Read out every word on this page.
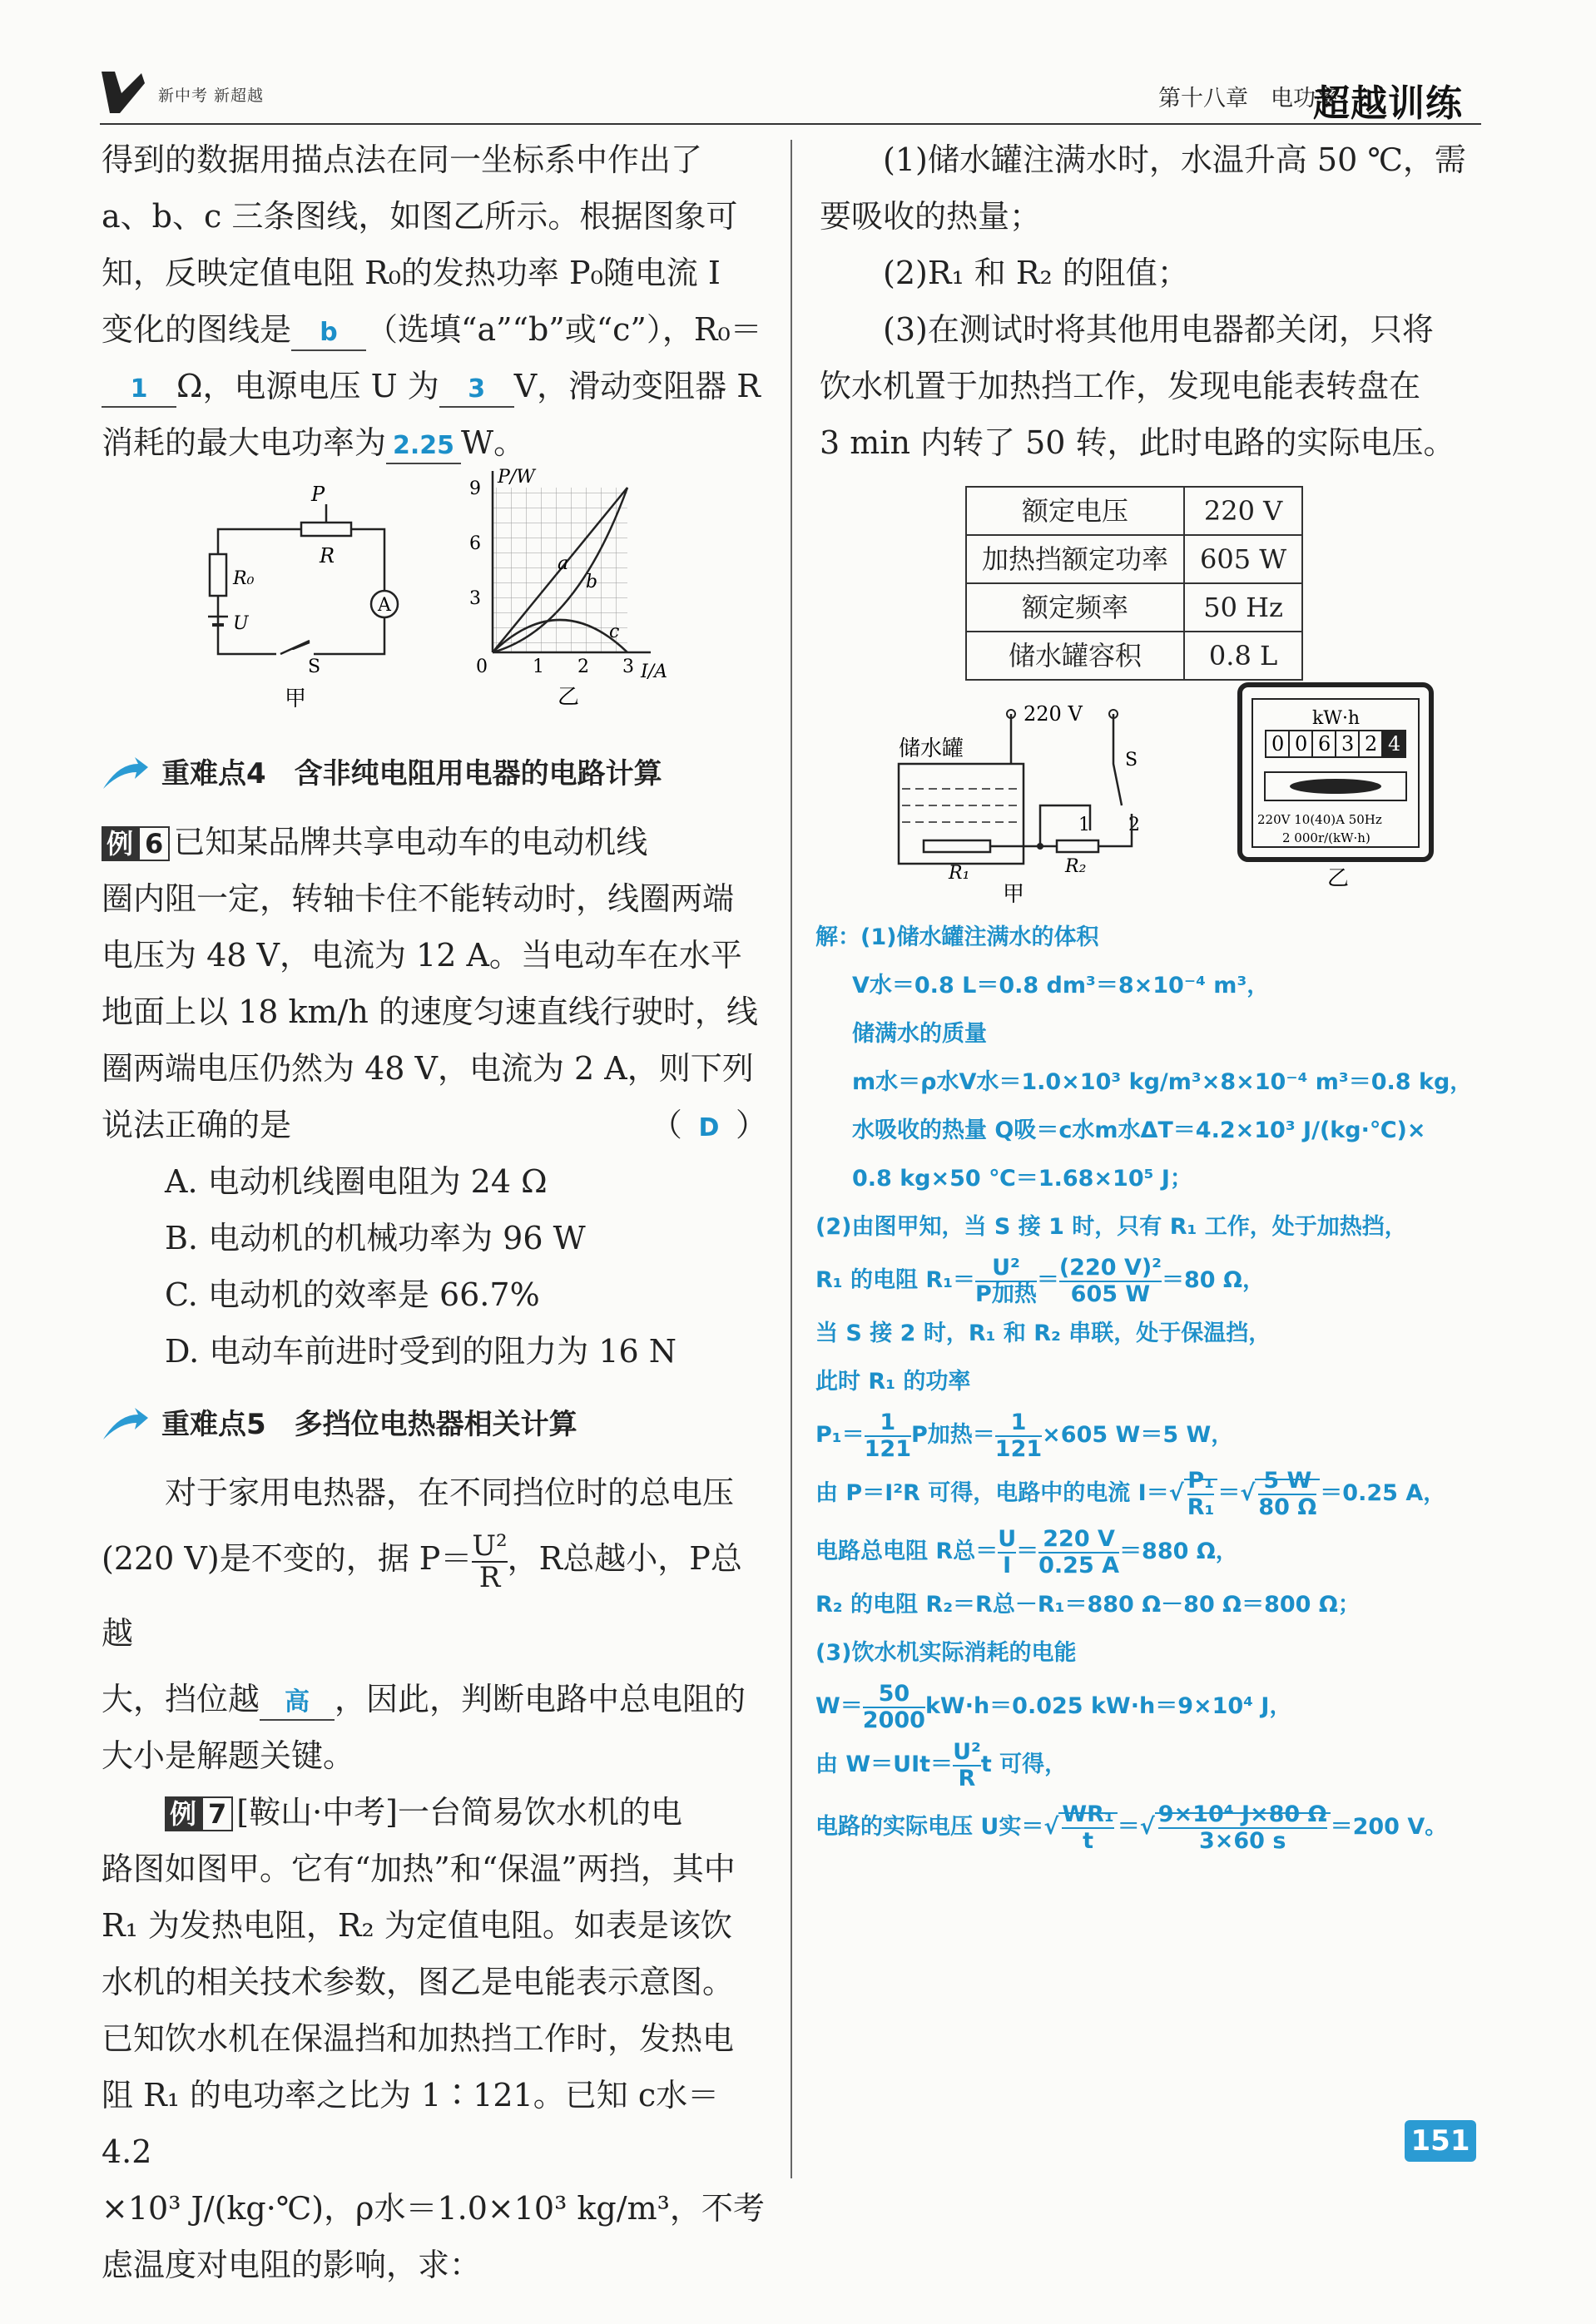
新中考 新超越	第十八章　电功率
超越训练

得到的数据用描点法在同一坐标系中作出了

a、b、c 三条图线，如图乙所示。根据图象可

知，反映定值电阻 R₀的发热功率 P₀随电流 I

变化的图线是 b （选填“a”“b”或“c”），R₀＝

1 Ω，电源电压 U 为 3 V，滑动变阻器 R

消耗的最大电功率为 2.25 W。

P
R
R₀
U
A
S
甲
P/W
I/A
9
6
3
0 1 2 3
a
b
c
乙
重难点4　含非纯电阻用电器的电路计算

例 6 已知某品牌共享电动车的电动机线

圈内阻一定，转轴卡住不能转动时，线圈两端

电压为 48 V，电流为 12 A。当电动车在水平

地面上以 18 km/h 的速度匀速直线行驶时，线

圈两端电压仍然为 48 V，电流为 2 A，则下列

说法正确的是	（ D ）

A. 电动机线圈电阻为 24 Ω

B. 电动机的机械功率为 96 W

C. 电动机的效率是 66.7%

D. 电动车前进时受到的阻力为 16 N

重难点5　多挡位电热器相关计算

对于家用电热器，在不同挡位时的总电压

(220 V)是不变的，据 $P= \frac{\text{U²}}{R}$ ，R总越小，P总越

大，挡位越 高 ，因此，判断电路中总电阻的

大小是解题关键。

例 7 [鞍山·中考]一台简易饮水机的电

路图如图甲。它有“加热”和“保温”两挡，其中

R₁ 为发热电阻，R₂ 为定值电阻。如表是该饮

水机的相关技术参数，图乙是电能表示意图。

已知饮水机在保温挡和加热挡工作时，发热电

阻 R₁ 的电功率之比为 1∶121。已知 c水＝4.2

×10³ J/(kg·℃)，ρ水＝1.0×10³ kg/m³，不考

虑温度对电阻的影响，求：

(1)储水罐注满水时，水温升高 50 ℃，需

要吸收的热量；

(2)R₁ 和 R₂ 的阻值；

(3)在测试时将其他用电器都关闭，只将

饮水机置于加热挡工作，发现电能表转盘在

3 min 内转了 50 转，此时电路的实际电压。

额定电压	220 V
加热挡额定功率	605 W
额定频率	50 Hz
储水罐容积	0.8 L
220 V
储水罐
R₁
S
1 2
R₂
甲
kW·h
0 0 6 3 2 4
220V 10(40)A 50Hz
2 000r/(kW·h)
乙
解：(1)储水罐注满水的体积
V水＝0.8 L＝0.8 dm³＝8×10⁻⁴ m³，
储满水的质量
m水＝ρ水V水＝1.0×10³ kg/m³×8×10⁻⁴ m³＝0.8 kg，
水吸收的热量 Q吸＝c水m水ΔT＝4.2×10³ J/(kg·℃)×
0.8 kg×50 ℃＝1.68×10⁵ J；
(2)由图甲知，当 S 接 1 时，只有 R₁ 工作，处于加热挡，
R₁ 的电阻 $R_1= \frac{\text{U²}}{\text{P加热}} = \frac{\text{(220 V)²}}{605 W} =80$ Ω，
当 S 接 2 时，R₁ 和 R₂ 串联，处于保温挡，
此时 R₁ 的功率
$P_1= \frac{1}{121}$ P加热＝ $\frac{1}{121} \times 605$ W＝5 W，
由 P＝I²R 可得，电路中的电流 $I=√ \frac{\text{P₁}}{\text{R₁}}$ ＝√ $\frac{5 W}{80 \Omega} =0.25$ A，
电路总电阻 R总＝ $\frac{U}{I} = \frac{220 V}{0.25 A} =880$ Ω，
R₂ 的电阻 R₂＝R总－R₁＝880 Ω－80 Ω＝800 Ω；
(3)饮水机实际消耗的电能
$W= \frac{50}{2000} kW\cdot h=0.025$ kW·h＝9×10⁴ J，
由 $W=UIt= \frac{\text{U²}}{R}$ t 可得，
电路的实际电压 U实＝√ $\frac{\text{WR₁}}{t}$ ＝√ $\frac{\text{9×10⁴ J×80 Ω}}{3\times 60 s} =200$ V。
151
